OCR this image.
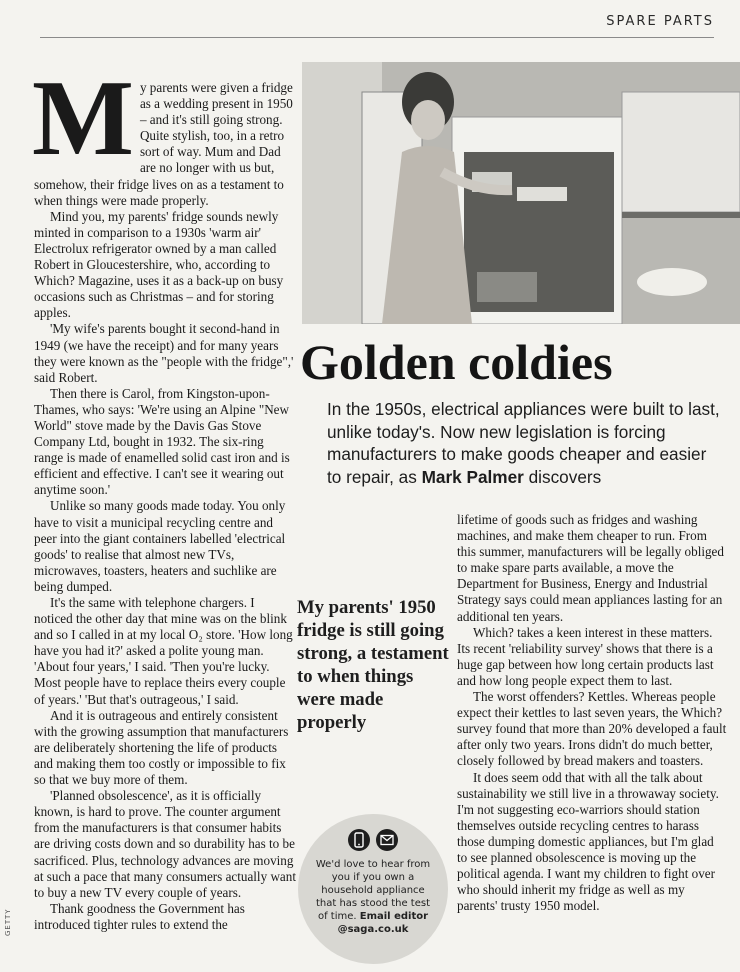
SPARE PARTS

My parents were given a fridge as a wedding present in 1950 – and it's still going strong. Quite stylish, too, in a retro sort of way. Mum and Dad are no longer with us but, somehow, their fridge lives on as a testament to when things were made properly.

Mind you, my parents' fridge sounds newly minted in comparison to a 1930s 'warm air' Electrolux refrigerator owned by a man called Robert in Gloucestershire, who, according to Which? Magazine, uses it as a back-up on busy occasions such as Christmas – and for storing apples.

'My wife's parents bought it second-hand in 1949 (we have the receipt) and for many years they were known as the "people with the fridge",' said Robert.

Then there is Carol, from Kingston-upon-Thames, who says: 'We're using an Alpine "New World" stove made by the Davis Gas Stove Company Ltd, bought in 1932. The six-ring range is made of enamelled solid cast iron and is efficient and effective. I can't see it wearing out anytime soon.'

Unlike so many goods made today. You only have to visit a municipal recycling centre and peer into the giant containers labelled 'electrical goods' to realise that almost new TVs, microwaves, toasters, heaters and suchlike are being dumped.

It's the same with telephone chargers. I noticed the other day that mine was on the blink and so I called in at my local O₂ store. 'How long have you had it?' asked a polite young man. 'About four years,' I said. 'Then you're lucky. Most people have to replace theirs every couple of years.' 'But that's outrageous,' I said.

And it is outrageous and entirely consistent with the growing assumption that manufacturers are deliberately shortening the life of products and making them too costly or impossible to fix so that we buy more of them.

'Planned obsolescence', as it is officially known, is hard to prove. The counter argument from the manufacturers is that consumer habits are driving costs down and so durability has to be sacrificed. Plus, technology advances are moving at such a pace that many consumers actually want to buy a new TV every couple of years.

Thank goodness the Government has introduced tighter rules to extend the

Golden coldies

In the 1950s, electrical appliances were built to last, unlike today's. Now new legislation is forcing manufacturers to make goods cheaper and easier to repair, as Mark Palmer discovers

My parents' 1950 fridge is still going strong, a testament to when things were made properly

lifetime of goods such as fridges and washing machines, and make them cheaper to run. From this summer, manufacturers will be legally obliged to make spare parts available, a move the Department for Business, Energy and Industrial Strategy says could mean appliances lasting for an additional ten years.

Which? takes a keen interest in these matters. Its recent 'reliability survey' shows that there is a huge gap between how long certain products last and how long people expect them to last.

The worst offenders? Kettles. Whereas people expect their kettles to last seven years, the Which? survey found that more than 20% developed a fault after only two years. Irons didn't do much better, closely followed by bread makers and toasters.

It does seem odd that with all the talk about sustainability we still live in a throwaway society. I'm not suggesting eco-warriors should station themselves outside recycling centres to harass those dumping domestic appliances, but I'm glad to see planned obsolescence is moving up the political agenda. I want my children to fight over who should inherit my fridge as well as my parents' trusty 1950 model.

We'd love to hear from you if you own a household appliance that has stood the test of time. Email editor @saga.co.uk
GETTY
